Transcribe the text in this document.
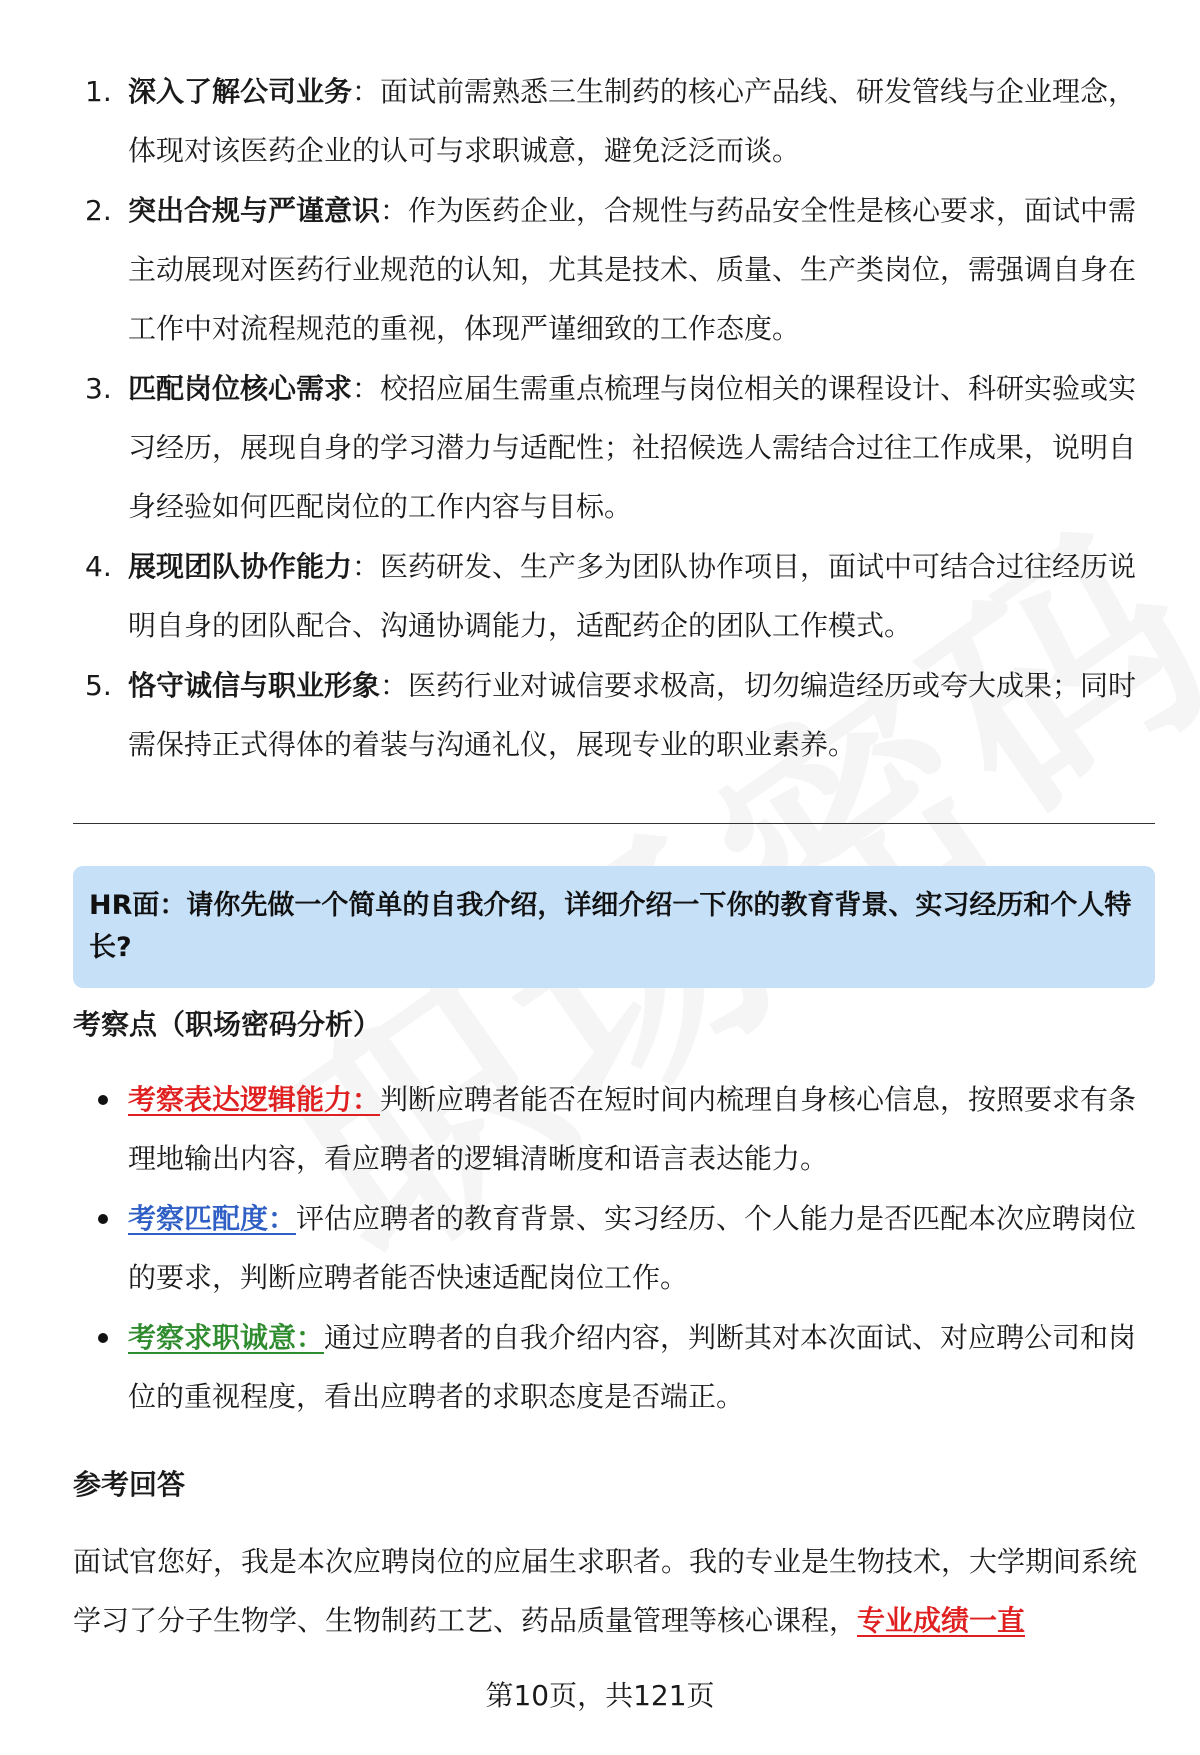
1. 深入了解公司业务：面试前需熟悉三生制药的核心产品线、研发管线与企业理念，体现对该医药企业的认可与求职诚意，避免泛泛而谈。
2. 突出合规与严谨意识：作为医药企业，合规性与药品安全性是核心要求，面试中需主动展现对医药行业规范的认知，尤其是技术、质量、生产类岗位，需强调自身在工作中对流程规范的重视，体现严谨细致的工作态度。
3. 匹配岗位核心需求：校招应届生需重点梳理与岗位相关的课程设计、科研实验或实习经历，展现自身的学习潜力与适配性；社招候选人需结合过往工作成果，说明自身经验如何匹配岗位的工作内容与目标。
4. 展现团队协作能力：医药研发、生产多为团队协作项目，面试中可结合过往经历说明自身的团队配合、沟通协调能力，适配药企的团队工作模式。
5. 恪守诚信与职业形象：医药行业对诚信要求极高，切勿编造经历或夸大成果；同时需保持正式得体的着装与沟通礼仪，展现专业的职业素养。
HR面：请你先做一个简单的自我介绍，详细介绍一下你的教育背景、实习经历和个人特长?
考察点（职场密码分析）
考察表达逻辑能力：判断应聘者能否在短时间内梳理自身核心信息，按照要求有条理地输出内容，看应聘者的逻辑清晰度和语言表达能力。
考察匹配度：评估应聘者的教育背景、实习经历、个人能力是否匹配本次应聘岗位的要求，判断应聘者能否快速适配岗位工作。
考察求职诚意：通过应聘者的自我介绍内容，判断其对本次面试、对应聘公司和岗位的重视程度，看出应聘者的求职态度是否端正。
参考回答
面试官您好，我是本次应聘岗位的应届生求职者。我的专业是生物技术，大学期间系统学习了分子生物学、生物制药工艺、药品质量管理等核心课程，专业成绩一直
第10页，共121页
